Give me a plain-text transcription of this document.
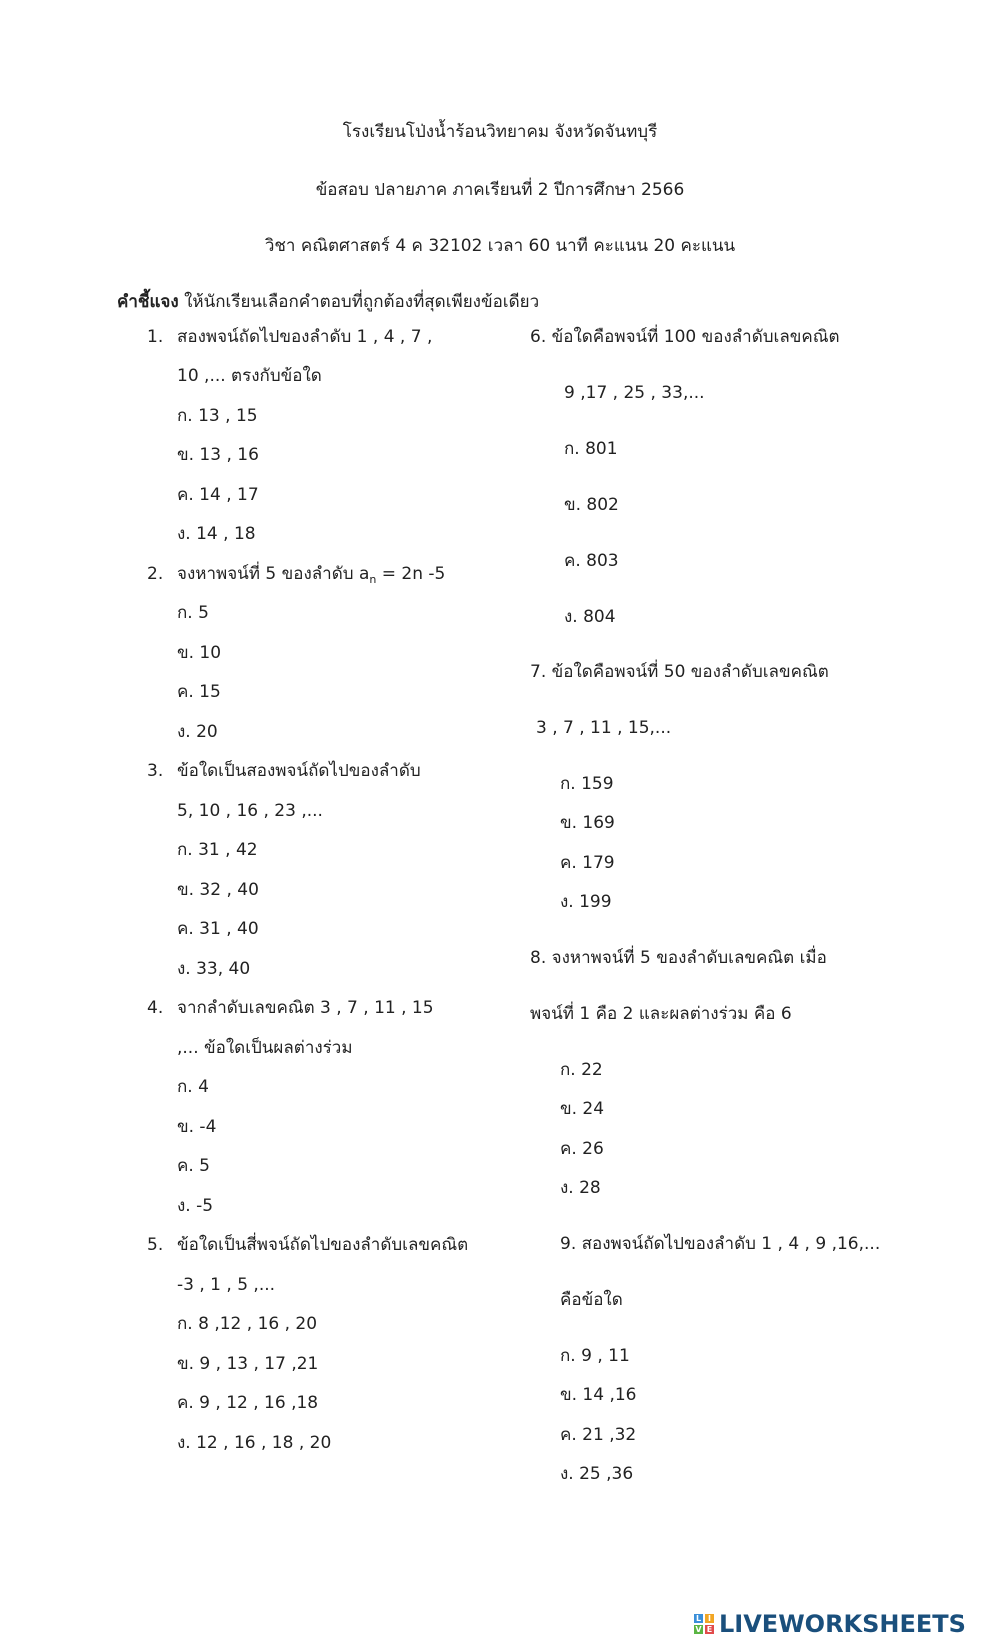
โรงเรียนโป่งน้ำร้อนวิทยาคม จังหวัดจันทบุรี
ข้อสอบ ปลายภาค ภาคเรียนที่ 2 ปีการศึกษา 2566
วิชา คณิตศาสตร์ 4 ค 32102 เวลา 60 นาที คะแนน 20 คะแนน
คำชี้แจง ให้นักเรียนเลือกคำตอบที่ถูกต้องที่สุดเพียงข้อเดียว
1. สองพจน์ถัดไปของลำดับ 1 , 4 , 7 ,
10 ,... ตรงกับข้อใด
ก. 13 , 15
ข. 13 , 16
ค. 14 , 17
ง. 14 , 18
2. จงหาพจน์ที่ 5 ของลำดับ $a_n = 2n$ -5
ก. 5
ข. 10
ค. 15
ง. 20
3. ข้อใดเป็นสองพจน์ถัดไปของลำดับ
5, 10 , 16 , 23 ,...
ก. 31 , 42
ข. 32 , 40
ค. 31 , 40
ง. 33, 40
4. จากลำดับเลขคณิต 3 , 7 , 11 , 15
,... ข้อใดเป็นผลต่างร่วม
ก. 4
ข. -4
ค. 5
ง. -5
5. ข้อใดเป็นสี่พจน์ถัดไปของลำดับเลขคณิต
-3 , 1 , 5 ,...
ก. 8 ,12 , 16 , 20
ข. 9 , 13 , 17 ,21
ค. 9 , 12 , 16 ,18
ง. 12 , 16 , 18 , 20
6. ข้อใดคือพจน์ที่ 100 ของลำดับเลขคณิต
9 ,17 , 25 , 33,...
ก. 801
ข. 802
ค. 803
ง. 804
7. ข้อใดคือพจน์ที่ 50 ของลำดับเลขคณิต
3 , 7 , 11 , 15,...
ก. 159
ข. 169
ค. 179
ง. 199
8. จงหาพจน์ที่ 5 ของลำดับเลขคณิต เมื่อ
พจน์ที่ 1 คือ 2 และผลต่างร่วม คือ 6
ก. 22
ข. 24
ค. 26
ง. 28
9. สองพจน์ถัดไปของลำดับ 1 , 4 , 9 ,16,...
คือข้อใด
ก. 9 , 11
ข. 14 ,16
ค. 21 ,32
ง. 25 ,36
L I
V E LIVEWORKSHEETS
